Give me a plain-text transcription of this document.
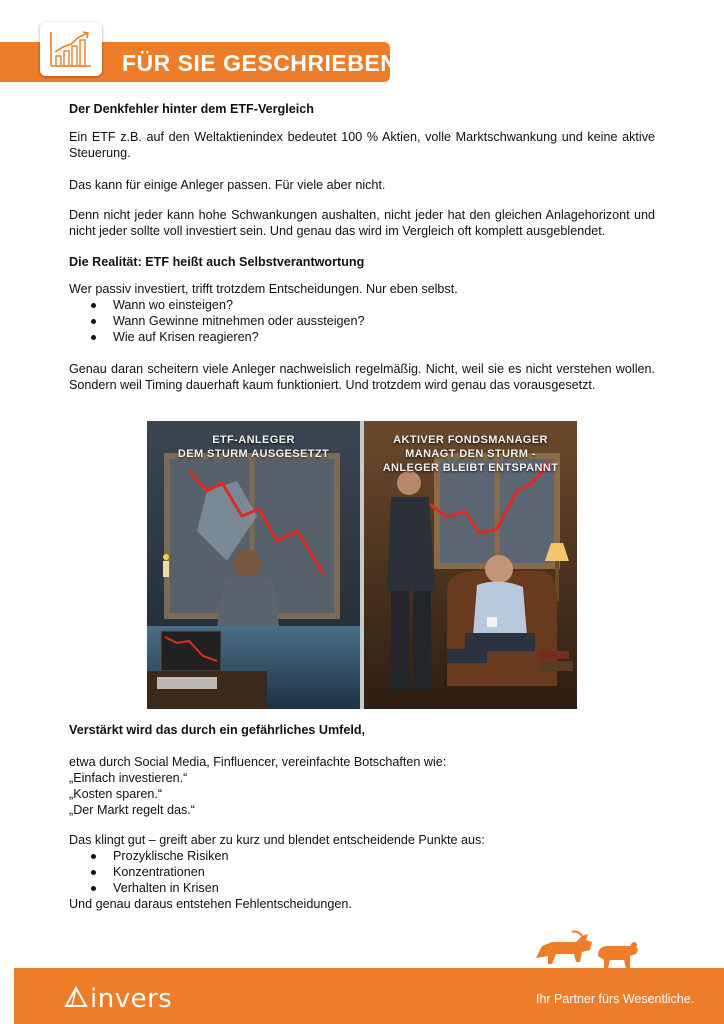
FÜR SIE GESCHRIEBEN
Der Denkfehler hinter dem ETF-Vergleich

Ein ETF z.B. auf den Weltaktienindex bedeutet 100 % Aktien, volle Marktschwankung und keine aktive Steuerung.

Das kann für einige Anleger passen. Für viele aber nicht.

Denn nicht jeder kann hohe Schwankungen aushalten, nicht jeder hat den gleichen Anlagehorizont und nicht jeder sollte voll investiert sein. Und genau das wird im Vergleich oft komplett ausgeblendet.

Die Realität: ETF heißt auch Selbstverantwortung

Wer passiv investiert, trifft trotzdem Entscheidungen. Nur eben selbst.

Wann wo einsteigen?
Wann Gewinne mitnehmen oder aussteigen?
Wie auf Krisen reagieren?

Genau daran scheitern viele Anleger nachweislich regelmäßig. Nicht, weil sie es nicht verstehen wollen. Sondern weil Timing dauerhaft kaum funktioniert. Und trotzdem wird genau das vorausgesetzt.

ETF-ANLEGER
DEM STURM AUSGESETZT
AKTIVER FONDSMANAGER
MANAGT DEN STURM -
ANLEGER BLEIBT ENTSPANNT
Verstärkt wird das durch ein gefährliches Umfeld,

etwa durch Social Media, Finfluencer, vereinfachte Botschaften wie:

„Einfach investieren.“

„Kosten sparen.“

„Der Markt regelt das.“

Das klingt gut – greift aber zu kurz und blendet entscheidende Punkte aus:

Prozyklische Risiken
Konzentrationen
Verhalten in Krisen

Und genau daraus entstehen Fehlentscheidungen.

invers	Ihr Partner fürs Wesentliche.
